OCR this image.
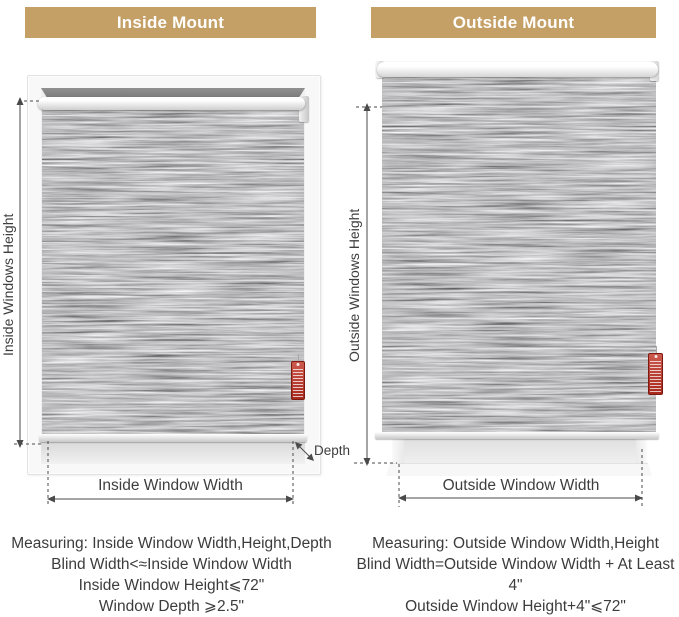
Inside Mount	Outside Mount
Inside Windows Height
Inside Window Width
Depth
Outside Windows Height
Outside Window Width
Measuring: Inside Window Width,Height,Depth
Blind Width<≈Inside Window Width
Inside Window Height⩽72"
Window Depth ⩾2.5"
Measuring: Outside Window Width,Height
Blind Width=Outside Window Width + At Least 4"
Outside Window Height+4"⩽72"
